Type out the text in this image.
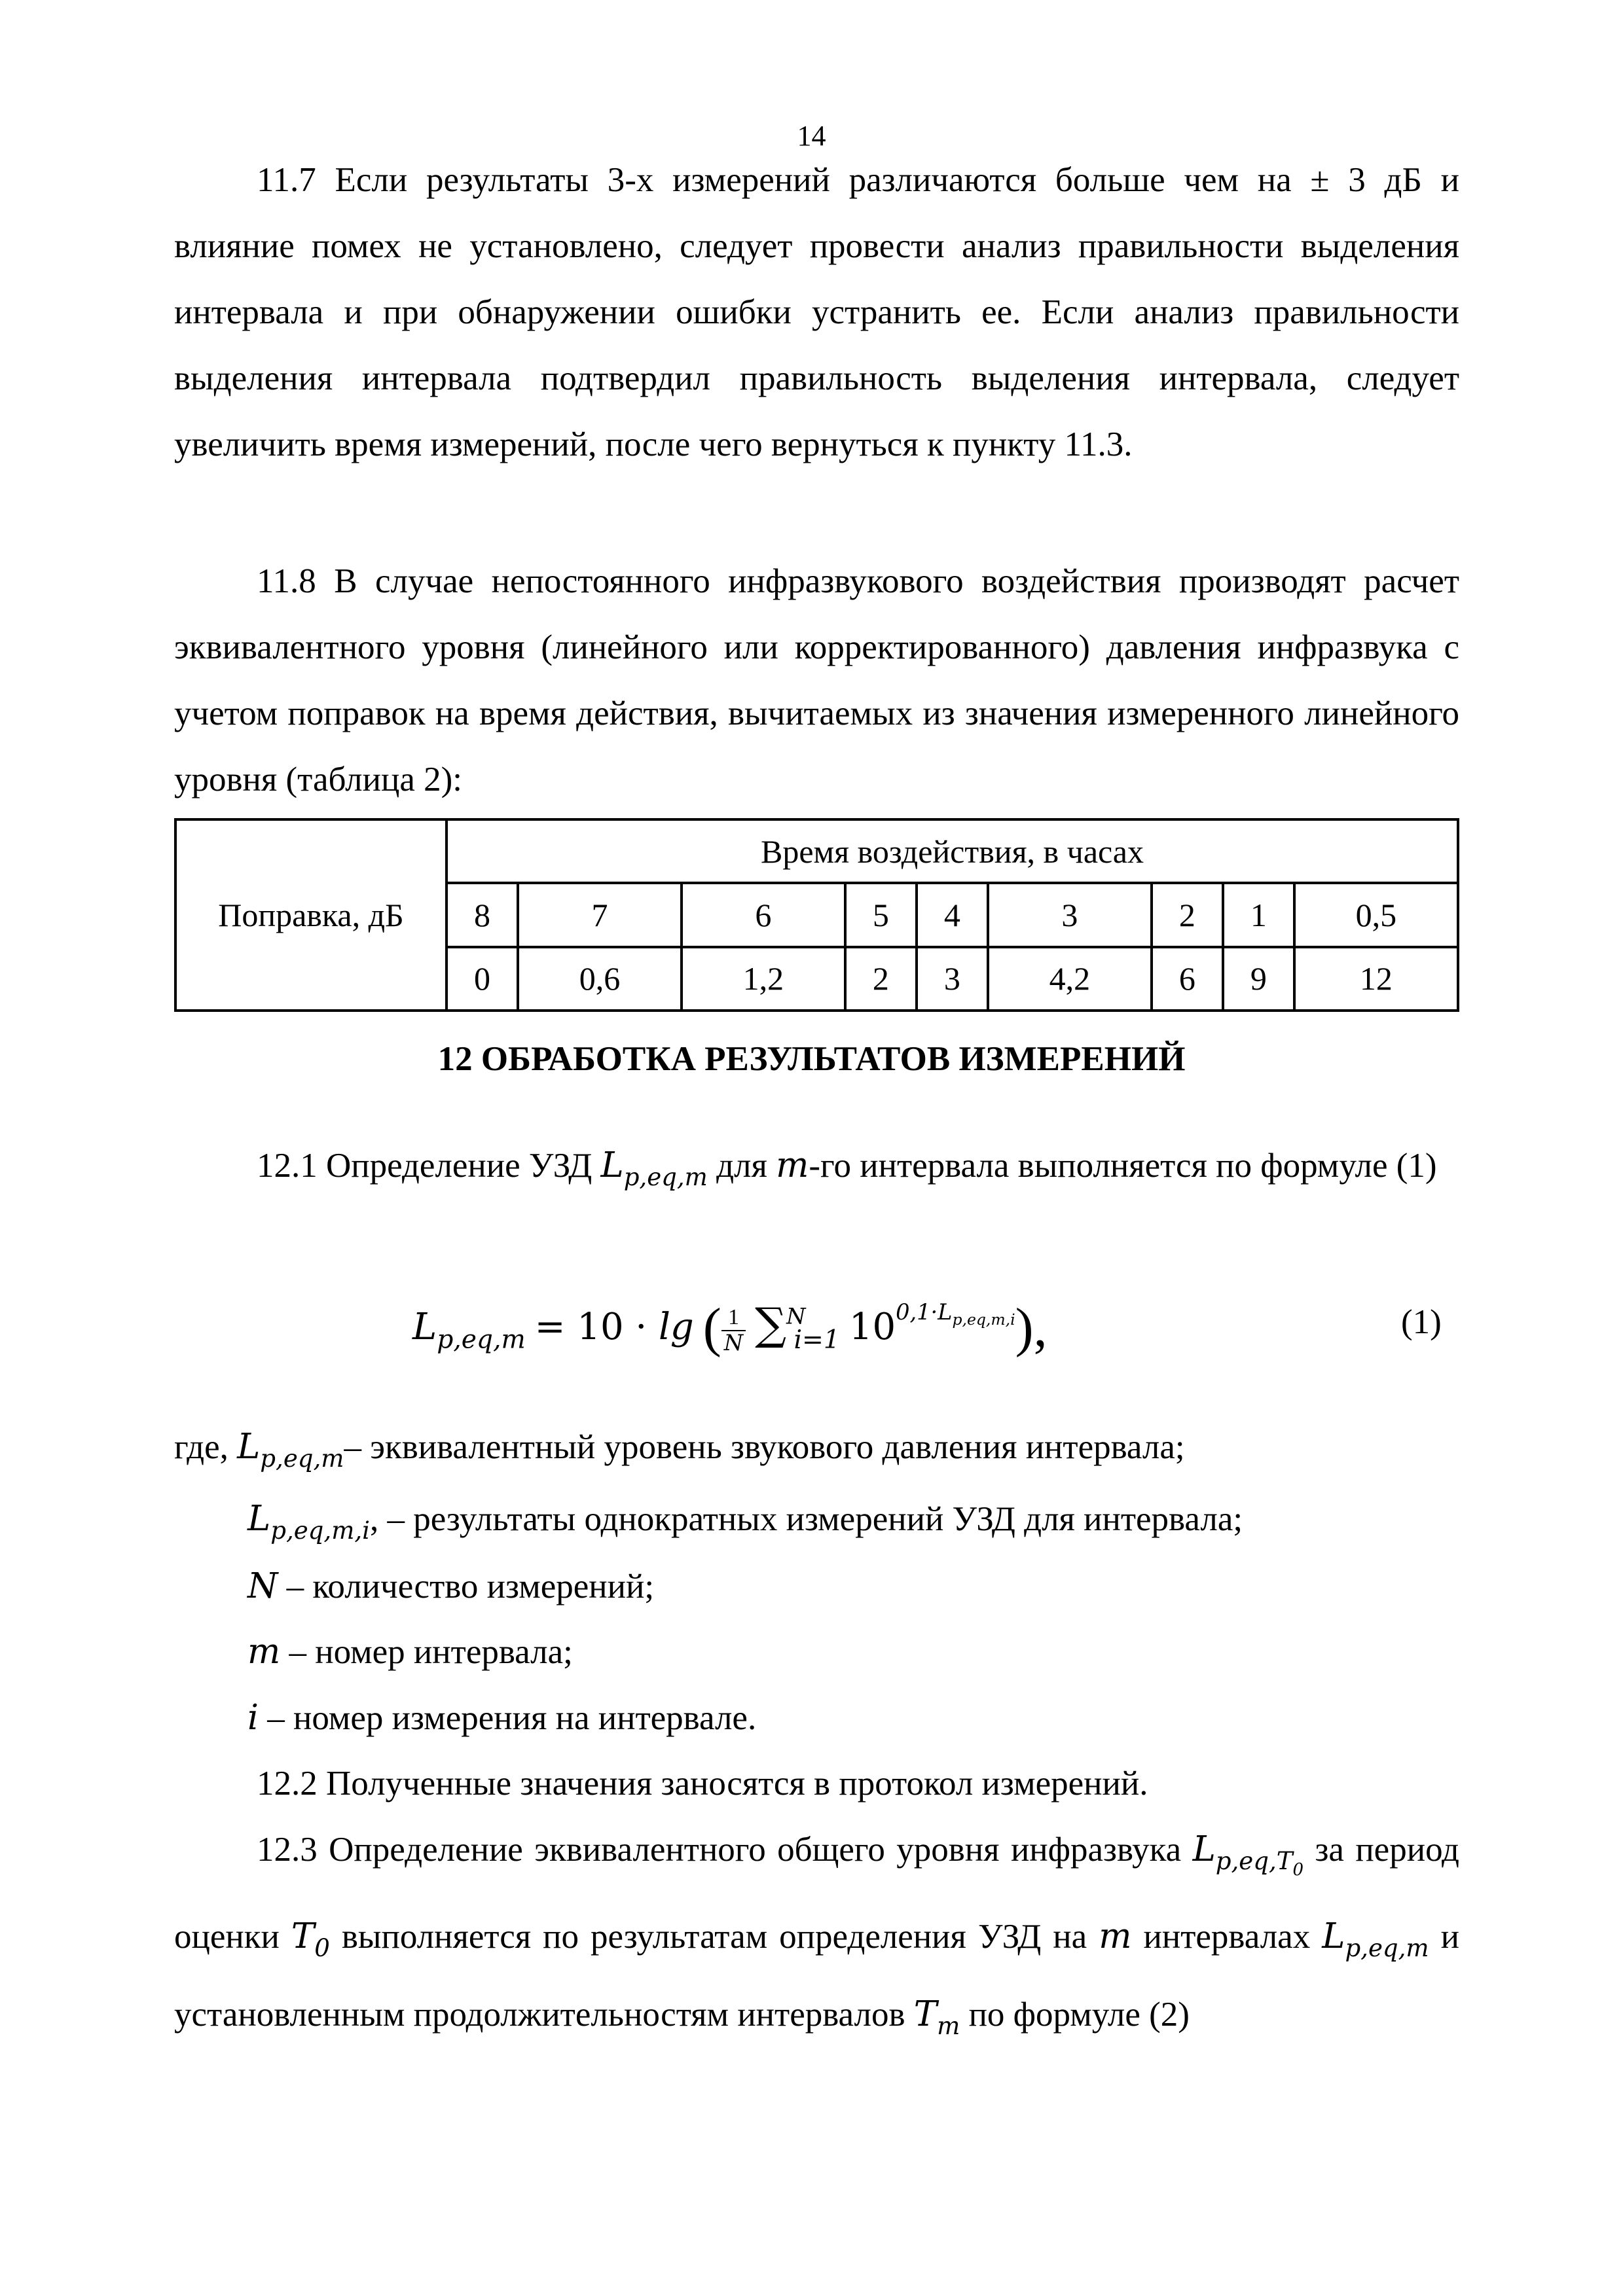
14

11.7 Если результаты 3-х измерений различаются больше чем на ± 3 дБ и влияние помех не установлено, следует провести анализ правильности выделения интервала и при обнаружении ошибки устранить ее. Если анализ правильности выделения интервала подтвердил правильность выделения интервала, следует увеличить время измерений, после чего вернуться к пункту 11.3.

11.8 В случае непостоянного инфразвукового воздействия производят расчет эквивалентного уровня (линейного или корректированного) давления инфразвука с учетом поправок на время действия, вычитаемых из значения измеренного линейного уровня (таблица 2):

Поправка, дБ	Время воздействия, в часах								
	8	7	6	5	4	3	2	1	0,5
	0	0,6	1,2	2	3	4,2	6	9	12
12 ОБРАБОТКА РЕЗУЛЬТАТОВ ИЗМЕРЕНИЙ

12.1 Определение УЗД $L_{p,eq,m}$ для m-го интервала выполняется по формуле (1)

$L_{p,eq,m} = 10 \cdot \lg$ ( $\frac{1}{N} \sum^N_{i=1}$ $10^{0,1\cdot L_{p,eq,m,i}}$),	(1)
где, $L_{p,eq,m}-$ эквивалентный уровень звукового давления интервала;
$L_{p,eq,m,i}$, – результаты однократных измерений УЗД для интервала;
N – количество измерений;
m – номер интервала;
i – номер измерения на интервале.

12.2 Полученные значения заносятся в протокол измерений.

12.3 Определение эквивалентного общего уровня инфразвука $L_{p,eq,T_0}$ за период оценки $T_0$ выполняется по результатам определения УЗД на m интервалах $L_{p,eq,m}$ и установленным продолжительностям интервалов $T_m$ по формуле (2)
